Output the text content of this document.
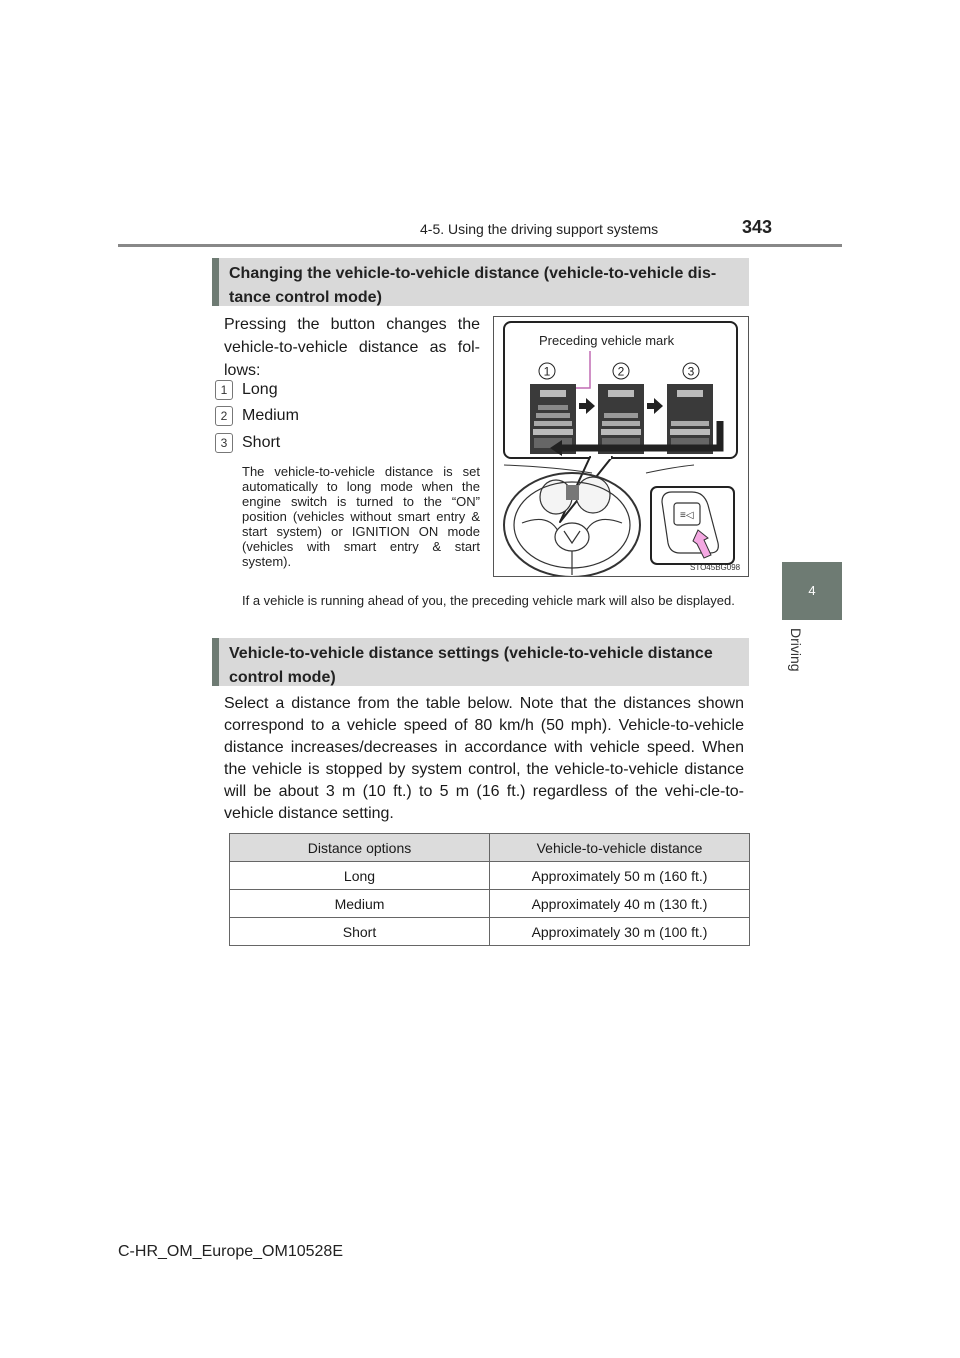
4-5. Using the driving support systems	343
4
Driving
Changing the vehicle-to-vehicle distance (vehicle-to-vehicle dis-tance control mode)
Pressing the button changes the vehicle-to-vehicle distance as fol-lows:
1 Long
2 Medium
3 Short
The vehicle-to-vehicle distance is set automatically to long mode when the engine switch is turned to the “ON” position (vehicles without smart entry & start system) or IGNITION ON mode (vehicles with smart entry & start system).
Preceding vehicle mark
1	2	3
≡◁
STO45BG098
If a vehicle is running ahead of you, the preceding vehicle mark will also be displayed.
Vehicle-to-vehicle distance settings (vehicle-to-vehicle distance control mode)
Select a distance from the table below. Note that the distances shown correspond to a vehicle speed of 80 km/h (50 mph). Vehicle-to-vehicle distance increases/decreases in accordance with vehicle speed. When the vehicle is stopped by system control, the vehicle-to-vehicle distance will be about 3 m (10 ft.) to 5 m (16 ft.) regardless of the vehi-cle-to-vehicle distance setting.
Distance options	Vehicle-to-vehicle distance
Long	Approximately 50 m (160 ft.)
Medium	Approximately 40 m (130 ft.)
Short	Approximately 30 m (100 ft.)
C-HR_OM_Europe_OM10528E
